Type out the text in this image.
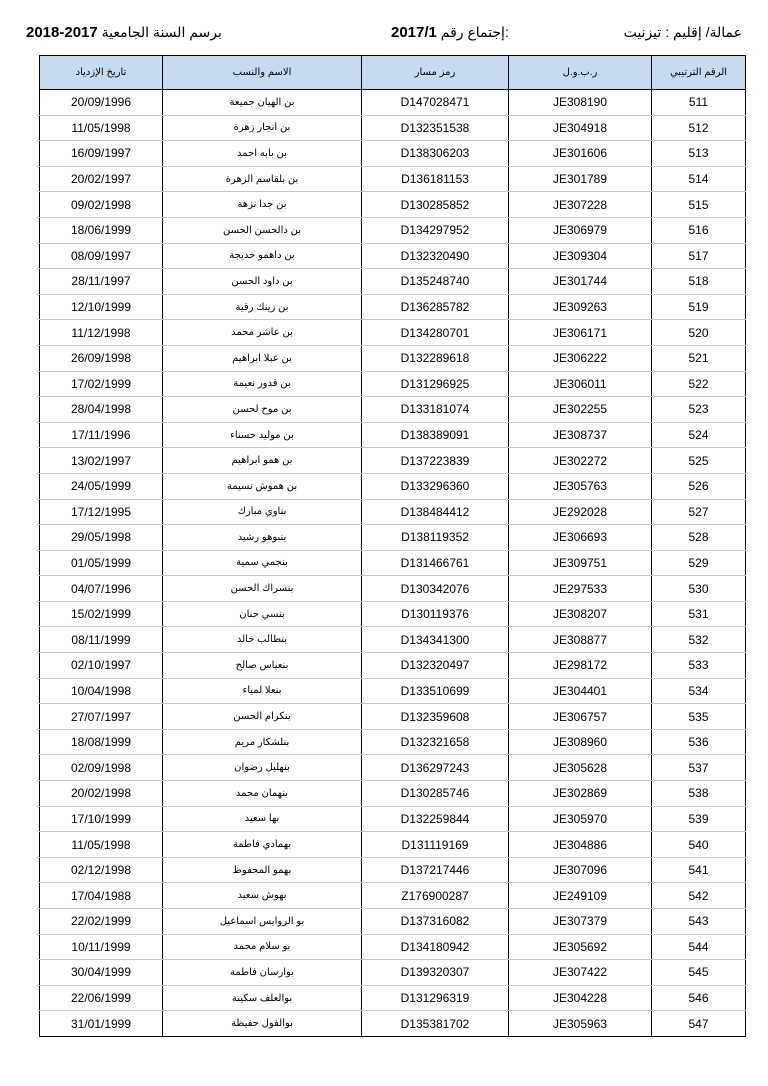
عمالة/ إقليم : تيزنيت
2017/1 إجتماع رقم:
2018-2017 برسم السنة الجامعية
الرقم الترتيبي	ر.ب.و.ل	رمز مسار	الاسم والنسب	تاريخ الإزدياد
511	JE308190	D147028471	بن الهيان جميعة	20/09/1996
512	JE304918	D132351538	بن انجار زهرة	11/05/1998
513	JE301606	D138306203	بن بابه احمد	16/09/1997
514	JE301789	D136181153	بن بلقاسم الزهرة	20/02/1997
515	JE307228	D130285852	بن جدا نزهة	09/02/1998
516	JE306979	D134297952	بن دالحسن الحسن	18/06/1999
517	JE309304	D132320490	بن داهمو خديجة	08/09/1997
518	JE301744	D135248740	بن داود الحسن	28/11/1997
519	JE309263	D136285782	بن زينك رقية	12/10/1999
520	JE306171	D134280701	بن عاشر محمد	11/12/1998
521	JE306222	D132289618	بن عبلا ابراهيم	26/09/1998
522	JE306011	D131296925	بن قدور نعيمة	17/02/1999
523	JE302255	D133181074	بن موح لحسن	28/04/1998
524	JE308737	D138389091	بن موليد حسناء	17/11/1996
525	JE302272	D137223839	بن همو ابراهيم	13/02/1997
526	JE305763	D133296360	بن هموش نسيمة	24/05/1999
527	JE292028	D138484412	بناوي مبارك	17/12/1995
528	JE306693	D138119352	بنبوهو رشيد	29/05/1998
529	JE309751	D131466761	بنجمي سمية	01/05/1999
530	JE297533	D130342076	بنسراك الحسن	04/07/1996
531	JE308207	D130119376	بنسي حنان	15/02/1999
532	JE308877	D134341300	بنطالب خالد	08/11/1999
533	JE298172	D132320497	بنعباس صالح	02/10/1997
534	JE304401	D133510699	بنعلا لمياء	10/04/1998
535	JE306757	D132359608	بنكرام الحسن	27/07/1997
536	JE308960	D132321658	بنلشكار مريم	18/08/1999
537	JE305628	D136297243	بنهليل رضوان	02/09/1998
538	JE302869	D130285746	بنهمان محمد	20/02/1998
539	JE305970	D132259844	بها سعيد	17/10/1999
540	JE304886	D131119169	بهمادي فاطمة	11/05/1998
541	JE307096	D137217446	بهمو المحفوظ	02/12/1998
542	JE249109	Z176900287	بهوش سعيد	17/04/1988
543	JE307379	D137316082	بو الروايس اسماعيل	22/02/1999
544	JE305692	D134180942	بو سلام محمد	10/11/1999
545	JE307422	D139320307	بوارسان فاطمة	30/04/1999
546	JE304228	D131296319	بوالعلف سكينة	22/06/1999
547	JE305963	D135381702	بوالفول حفيظة	31/01/1999
